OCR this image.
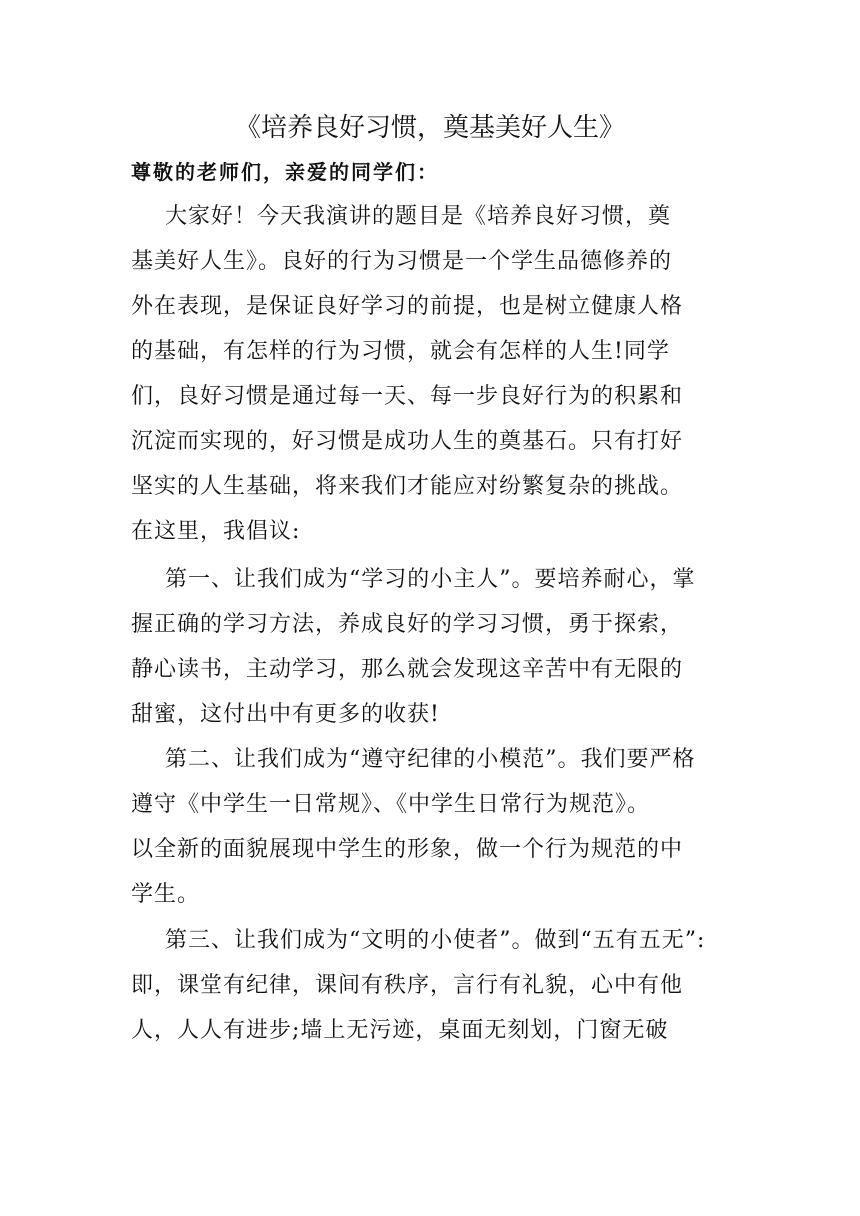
《培养良好习惯，奠基美好人生》

尊敬的老师们，亲爱的同学们：

大家好！今天我演讲的题目是《培养良好习惯，奠

基美好人生》。良好的行为习惯是一个学生品德修养的

外在表现，是保证良好学习的前提，也是树立健康人格

的基础，有怎样的行为习惯，就会有怎样的人生!同学

们，良好习惯是通过每一天、每一步良好行为的积累和

沉淀而实现的，好习惯是成功人生的奠基石。只有打好

坚实的人生基础，将来我们才能应对纷繁复杂的挑战。

在这里，我倡议:

第一、让我们成为“学习的小主人”。要培养耐心，掌

握正确的学习方法，养成良好的学习习惯，勇于探索，

静心读书，主动学习，那么就会发现这辛苦中有无限的

甜蜜，这付出中有更多的收获!

第二、让我们成为“遵守纪律的小模范”。我们要严格

遵守《中学生一日常规》、《中学生日常行为规范》。

以全新的面貌展现中学生的形象，做一个行为规范的中

学生。

第三、让我们成为“文明的小使者”。做到“五有五无”:

即，课堂有纪律，课间有秩序，言行有礼貌，心中有他

人，人人有进步;墙上无污迹，桌面无刻划，门窗无破
